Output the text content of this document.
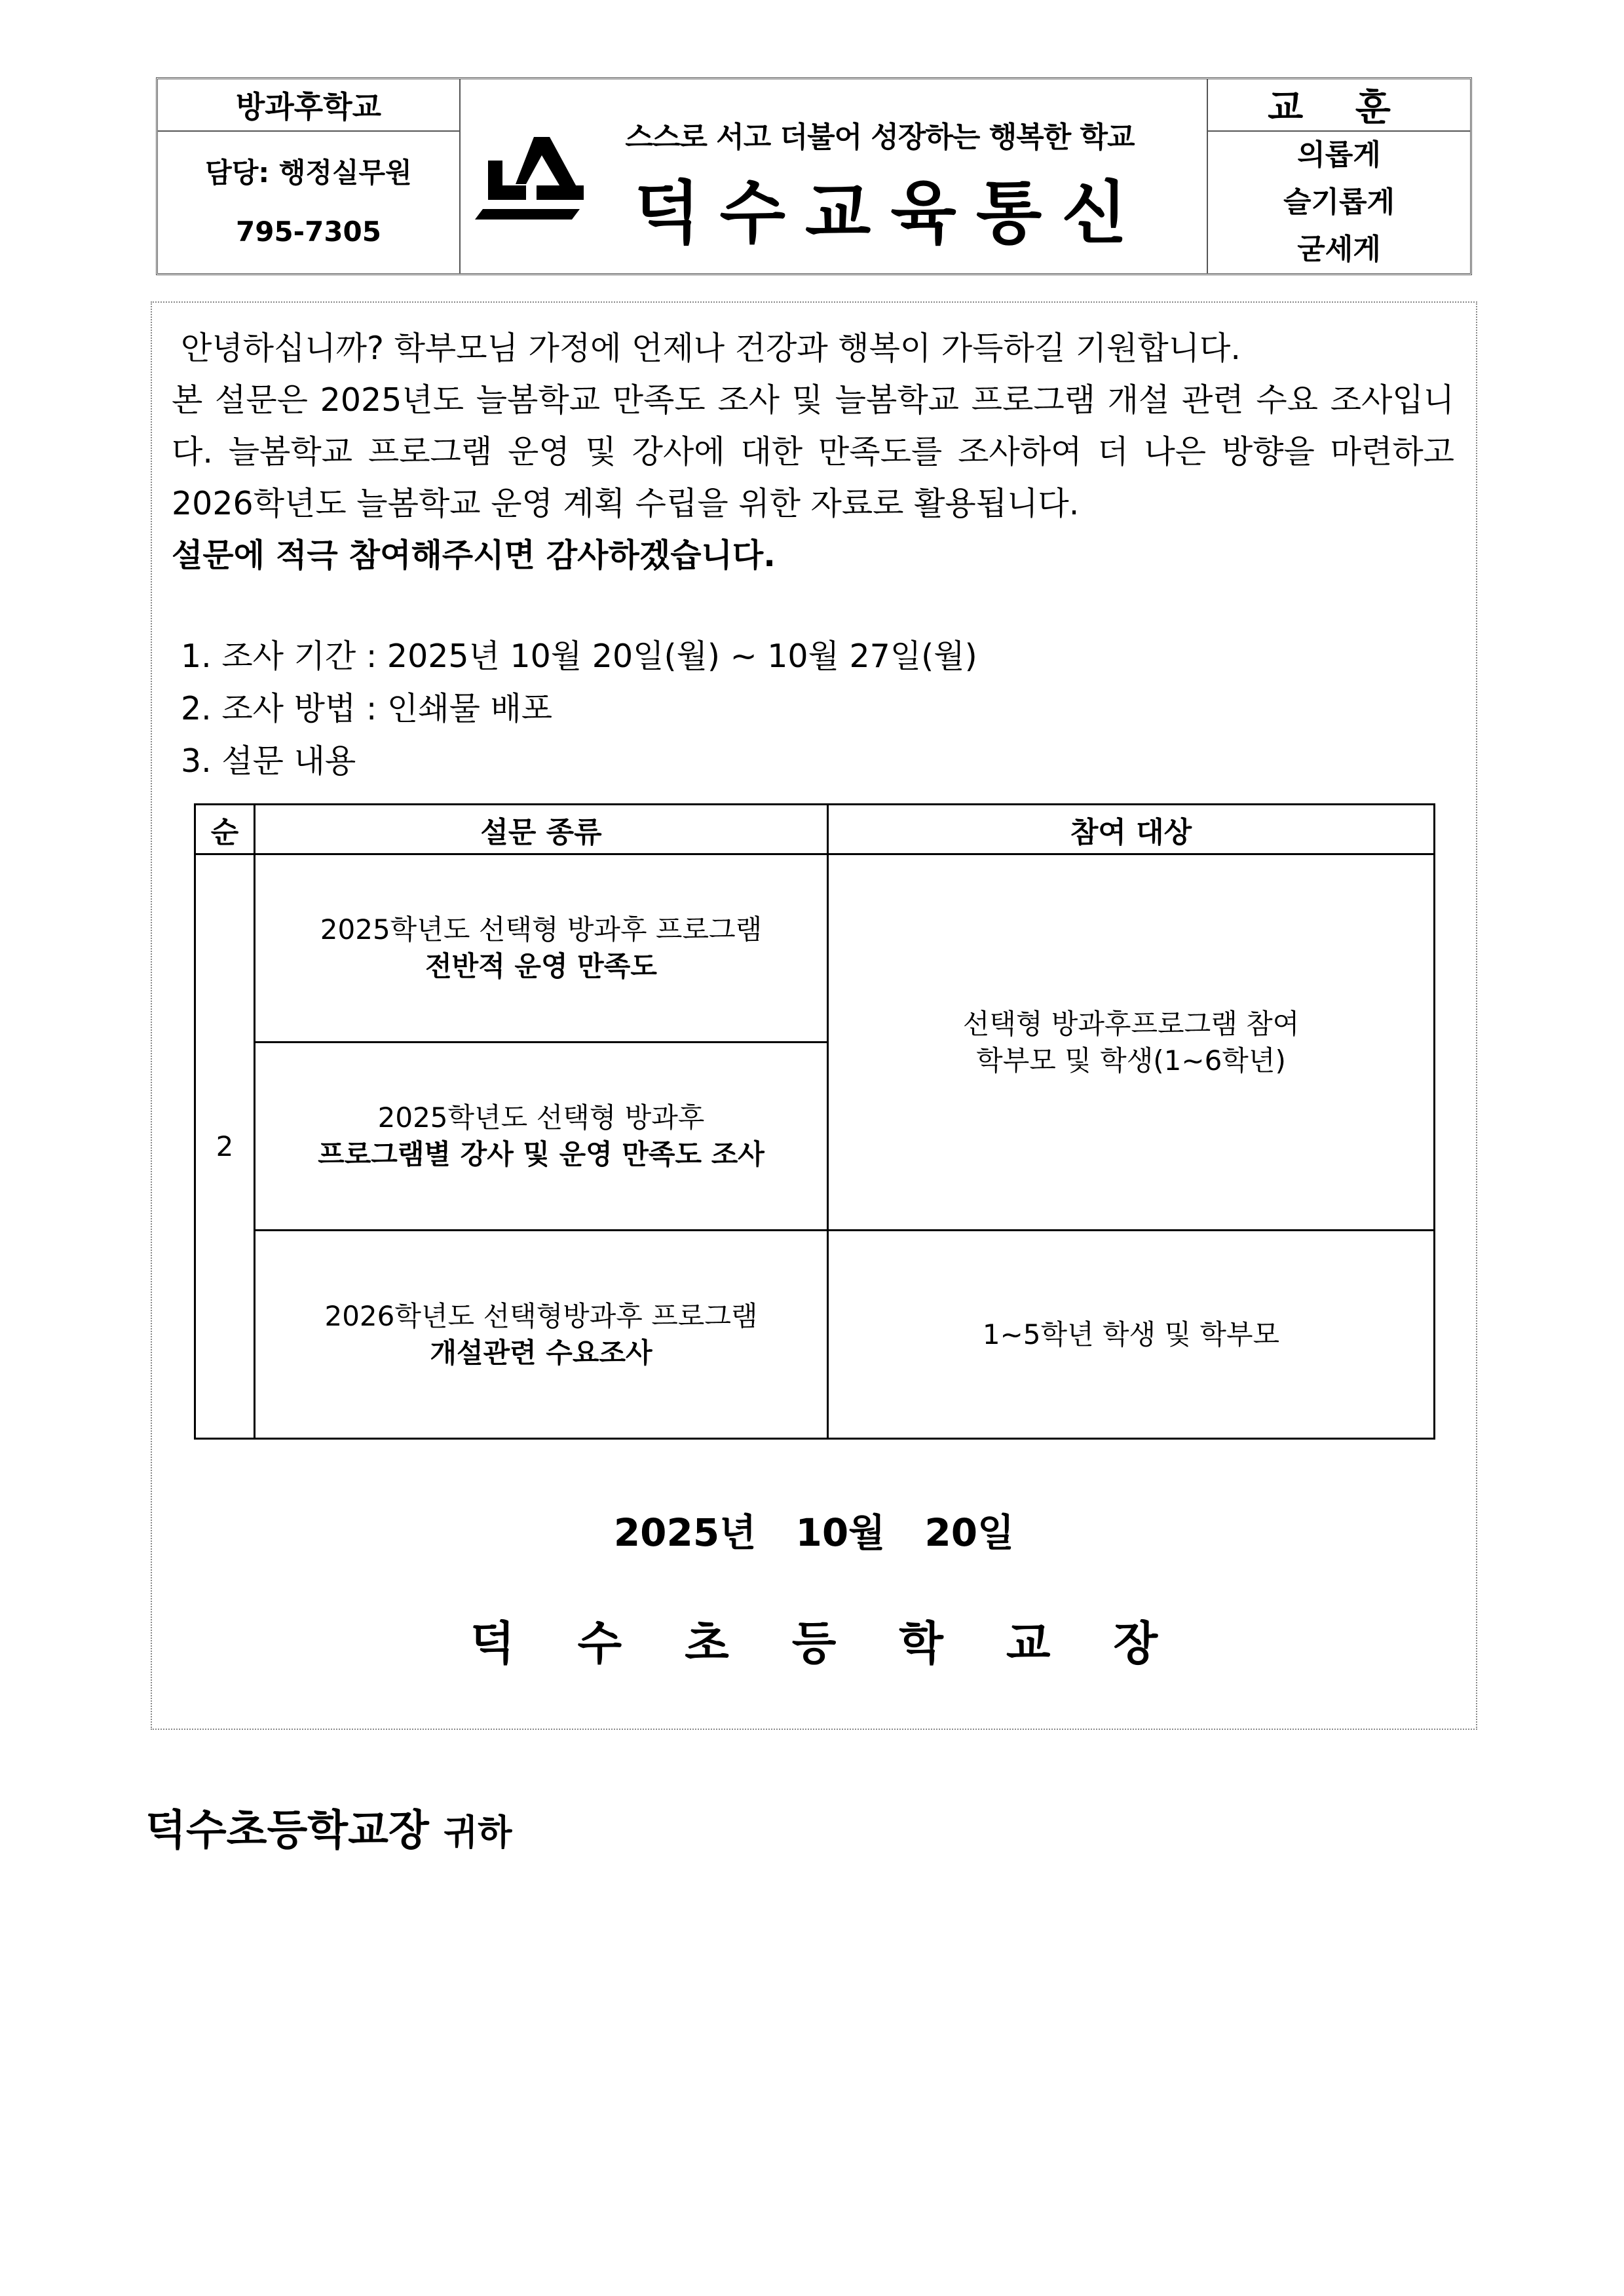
방과후학교
담당: 행정실무원
795-7305
스스로 서고 더불어 성장하는 행복한 학교
덕수교육통신
교 훈
의롭게
슬기롭게
굳세게

안녕하십니까? 학부모님 가정에 언제나 건강과 행복이 가득하길 기원합니다.

본 설문은 2025년도 늘봄학교 만족도 조사 및 늘봄학교 프로그램 개설 관련 수요 조사입니다. 늘봄학교 프로그램 운영 및 강사에 대한 만족도를 조사하여 더 나은 방향을 마련하고 2026학년도 늘봄학교 운영 계획 수립을 위한 자료로 활용됩니다.

설문에 적극 참여해주시면 감사하겠습니다.

1. 조사 기간 : 2025년 10월 20일(월) ~ 10월 27일(월)
2. 조사 방법 : 인쇄물 배포
3. 설문 내용
순	설문 종류	참여 대상
2	2025학년도 선택형 방과후 프로그램
전반적 운영 만족도	선택형 방과후프로그램 참여
학부모 및 학생(1~6학년)

	2025학년도 선택형 방과후
프로그램별 강사 및 운영 만족도 조사	

	2026학년도 선택형방과후 프로그램
개설관련 수요조사	1~5학년 학생 및 학부모
2025년 10월 20일
덕수초등학교장
덕수초등학교장 귀하
